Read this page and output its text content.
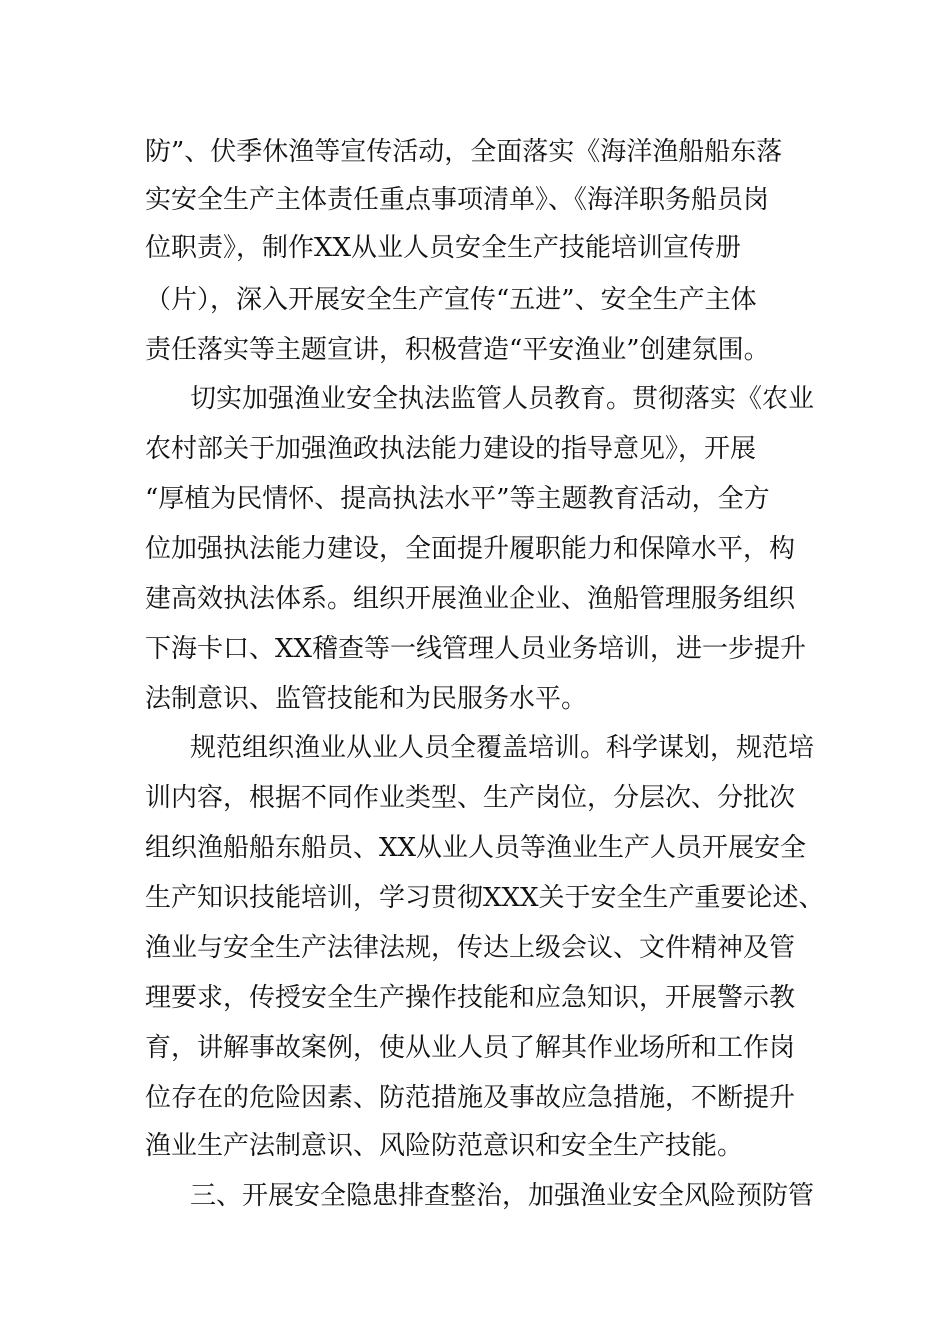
防”、伏季休渔等宣传活动，全面落实《海洋渔船船东落
实安全生产主体责任重点事项清单》、《海洋职务船员岗
位职责》，制作XX从业人员安全生产技能培训宣传册
（片），深入开展安全生产宣传“五进”、安全生产主体
责任落实等主题宣讲，积极营造“平安渔业”创建氛围。
切实加强渔业安全执法监管人员教育。贯彻落实《农业
农村部关于加强渔政执法能力建设的指导意见》，开展
“厚植为民情怀、提高执法水平”等主题教育活动，全方
位加强执法能力建设，全面提升履职能力和保障水平，构
建高效执法体系。组织开展渔业企业、渔船管理服务组织
下海卡口、XX稽查等一线管理人员业务培训，进一步提升
法制意识、监管技能和为民服务水平。
规范组织渔业从业人员全覆盖培训。科学谋划，规范培
训内容，根据不同作业类型、生产岗位，分层次、分批次
组织渔船船东船员、XX从业人员等渔业生产人员开展安全
生产知识技能培训，学习贯彻XXX关于安全生产重要论述、
渔业与安全生产法律法规，传达上级会议、文件精神及管
理要求，传授安全生产操作技能和应急知识，开展警示教
育，讲解事故案例，使从业人员了解其作业场所和工作岗
位存在的危险因素、防范措施及事故应急措施，不断提升
渔业生产法制意识、风险防范意识和安全生产技能。
三、开展安全隐患排查整治，加强渔业安全风险预防管
